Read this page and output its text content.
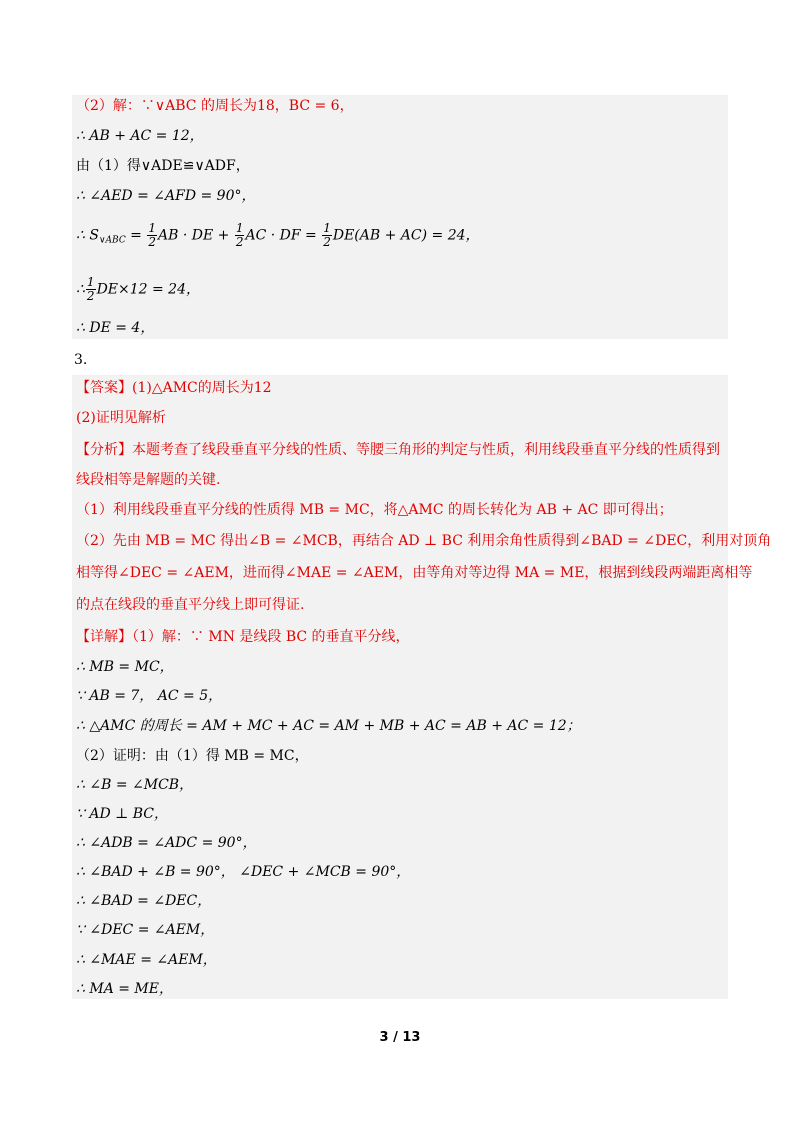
（2）解：∵∨ABC 的周长为18，BC = 6，
∴ AB + AC = 12，
由（1）得∨ADE≌∨ADF，
∴ ∠AED = ∠AFD = 90°，
∴ $S_{\vee ABC} = \frac{1}{2}$ AB · DE + $\frac{1}{2}$ AC · DF = $\frac{1}{2} DE(AB + AC) = 24$，
∴ $\frac{1}{2} DE\times 12 = 24$，
∴ DE = 4，
3.
【答案】(1)△AMC的周长为12
(2)证明见解析
【分析】本题考查了线段垂直平分线的性质、等腰三角形的判定与性质，利用线段垂直平分线的性质得到
线段相等是解题的关键.
（1）利用线段垂直平分线的性质得 MB = MC，将△AMC 的周长转化为 AB + AC 即可得出；
（2）先由 MB = MC 得出∠B = ∠MCB，再结合 AD ⊥ BC 利用余角性质得到∠BAD = ∠DEC，利用对顶角
相等得∠DEC = ∠AEM，进而得∠MAE = ∠AEM，由等角对等边得 MA = ME，根据到线段两端距离相等
的点在线段的垂直平分线上即可得证.
【详解】（1）解：∵ MN 是线段 BC 的垂直平分线，
∴ MB = MC，
∵ AB = 7， AC = 5，
∴ △AMC 的周长 = AM + MC + AC = AM + MB + AC = AB + AC = 12；
（2）证明：由（1）得 MB = MC，
∴ ∠B = ∠MCB，
∵ AD ⊥ BC，
∴ ∠ADB = ∠ADC = 90°，
∴ ∠BAD + ∠B = 90°， ∠DEC + ∠MCB = 90°，
∴ ∠BAD = ∠DEC，
∵ ∠DEC = ∠AEM，
∴ ∠MAE = ∠AEM，
∴ MA = ME，
3 / 13
